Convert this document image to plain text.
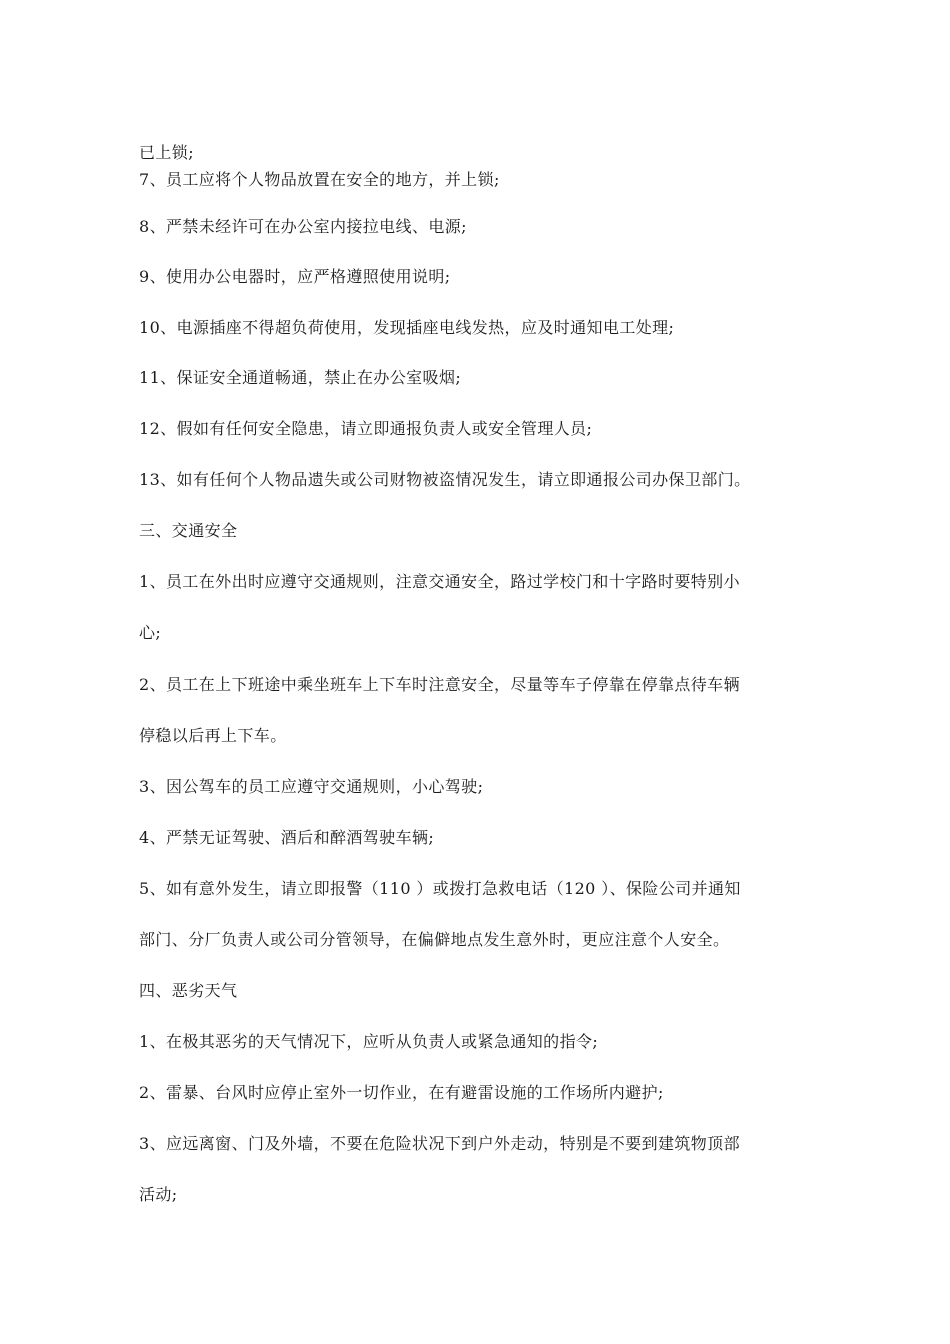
已上锁;
7、员工应将个人物品放置在安全的地方，并上锁;
8、严禁未经许可在办公室内接拉电线、电源;
9、使用办公电器时，应严格遵照使用说明;
10、电源插座不得超负荷使用，发现插座电线发热，应及时通知电工处理;
11、保证安全通道畅通，禁止在办公室吸烟;
12、假如有任何安全隐患，请立即通报负责人或安全管理人员;
13、如有任何个人物品遗失或公司财物被盗情况发生，请立即通报公司办保卫部门。
三、交通安全
1、员工在外出时应遵守交通规则，注意交通安全，路过学校门和十字路时要特别小
心;
2、员工在上下班途中乘坐班车上下车时注意安全，尽量等车子停靠在停靠点待车辆
停稳以后再上下车。
3、因公驾车的员工应遵守交通规则，小心驾驶;
4、严禁无证驾驶、酒后和醉酒驾驶车辆;
5、如有意外发生，请立即报警（110 ）或拨打急救电话（120 ）、保险公司并通知
部门、分厂负责人或公司分管领导，在偏僻地点发生意外时，更应注意个人安全。
四、恶劣天气
1、在极其恶劣的天气情况下，应听从负责人或紧急通知的指令;
2、雷暴、台风时应停止室外一切作业，在有避雷设施的工作场所内避护;
3、应远离窗、门及外墙，不要在危险状况下到户外走动，特别是不要到建筑物顶部
活动;
